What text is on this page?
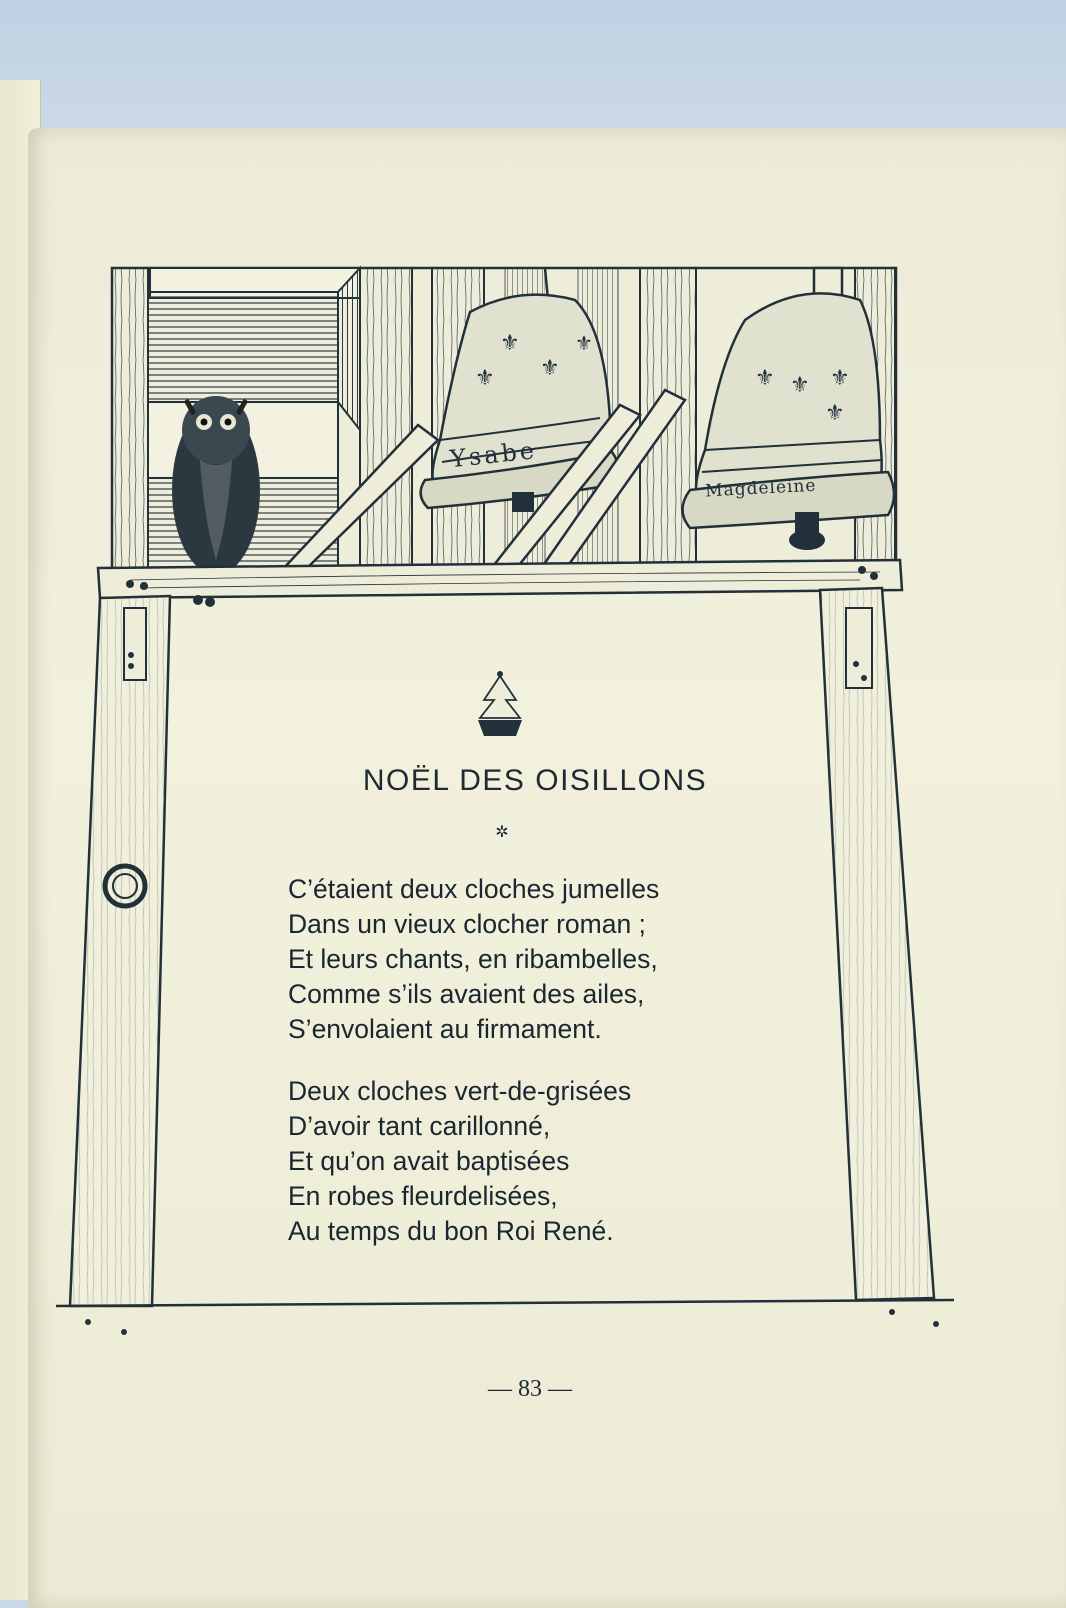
⚜
⚜
⚜
⚜
Ysabe
⚜ ⚜ ⚜
⚜
Magdeleine
NOËL DES OISILLONS
✲
C’étaient deux cloches jumelles
Dans un vieux clocher roman ;
Et leurs chants, en ribambelles,
Comme s’ils avaient des ailes,
S’envolaient au firmament.
Deux cloches vert-de-grisées
D’avoir tant carillonné,
Et qu’on avait baptisées
En robes fleurdelisées,
Au temps du bon Roi René.
— 83 —
